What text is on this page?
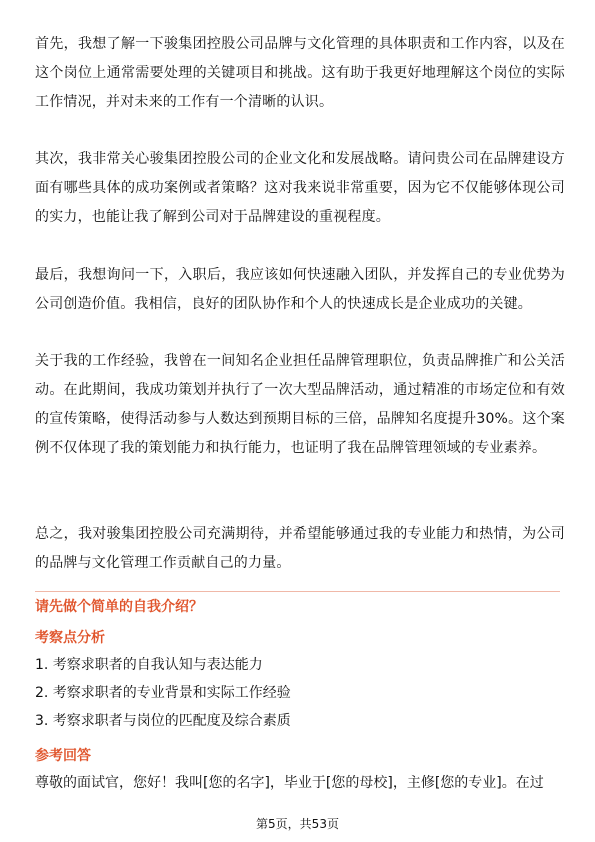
首先，我想了解一下骏集团控股公司品牌与文化管理的具体职责和工作内容，以及在这个岗位上通常需要处理的关键项目和挑战。这有助于我更好地理解这个岗位的实际工作情况，并对未来的工作有一个清晰的认识。

其次，我非常关心骏集团控股公司的企业文化和发展战略。请问贵公司在品牌建设方面有哪些具体的成功案例或者策略？这对我来说非常重要，因为它不仅能够体现公司的实力，也能让我了解到公司对于品牌建设的重视程度。

最后，我想询问一下，入职后，我应该如何快速融入团队，并发挥自己的专业优势为公司创造价值。我相信，良好的团队协作和个人的快速成长是企业成功的关键。

关于我的工作经验，我曾在一间知名企业担任品牌管理职位，负责品牌推广和公关活动。在此期间，我成功策划并执行了一次大型品牌活动，通过精准的市场定位和有效的宣传策略，使得活动参与人数达到预期目标的三倍，品牌知名度提升30%。这个案例不仅体现了我的策划能力和执行能力，也证明了我在品牌管理领域的专业素养。

总之，我对骏集团控股公司充满期待，并希望能够通过我的专业能力和热情，为公司的品牌与文化管理工作贡献自己的力量。

请先做个简单的自我介绍？

考察点分析

1. 考察求职者的自我认知与表达能力

2. 考察求职者的专业背景和实际工作经验

3. 考察求职者与岗位的匹配度及综合素质

参考回答

尊敬的面试官，您好！我叫[您的名字]，毕业于[您的母校]，主修[您的专业]。在过

第5页，共53页
